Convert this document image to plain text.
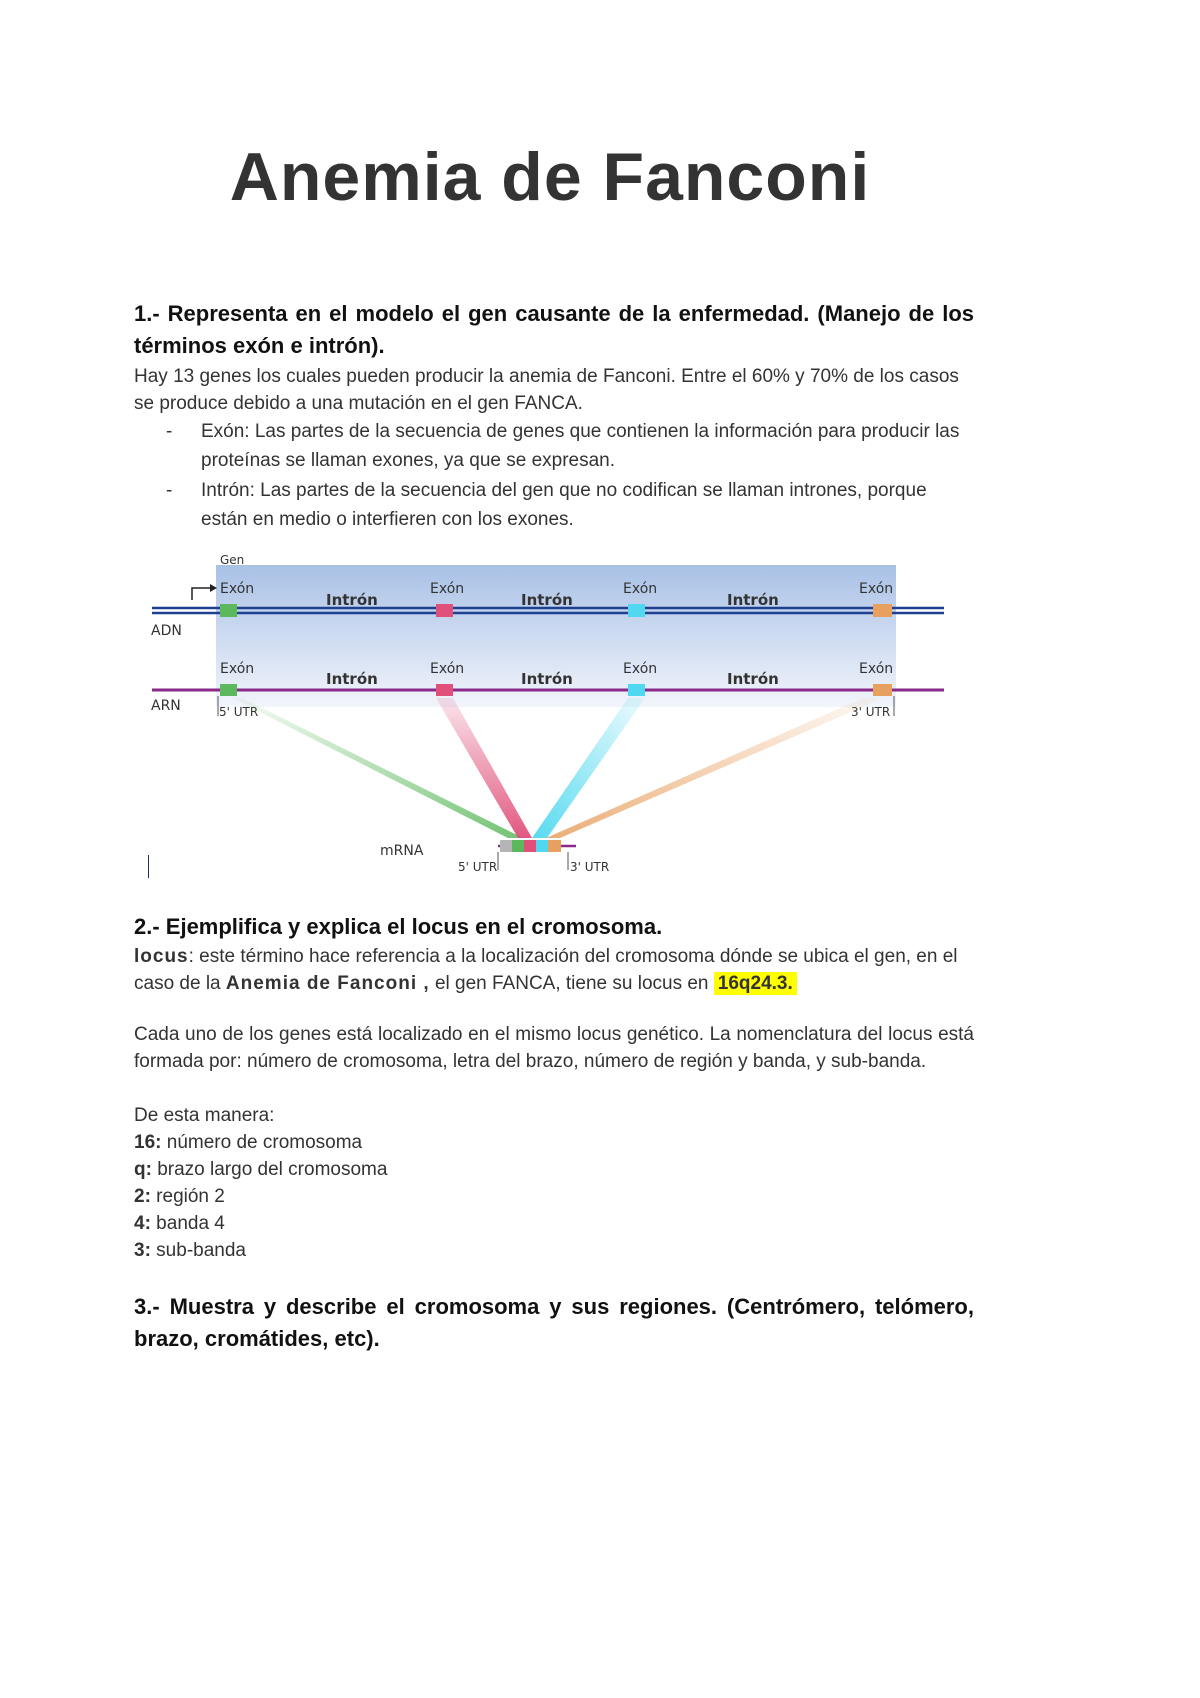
Anemia de Fanconi

1.- Representa en el modelo el gen causante de la enfermedad. (Manejo de los términos exón e intrón).

Hay 13 genes los cuales pueden producir la anemia de Fanconi. Entre el 60% y 70% de los casos se produce debido a una mutación en el gen FANCA.

- Exón: Las partes de la secuencia de genes que contienen la información para producir las proteínas se llaman exones, ya que se expresan.
- Intrón: Las partes de la secuencia del gen que no codifican se llaman intrones, porque están en medio o interfieren con los exones.
Gen
ADN
Exón	Exón	Exón	Exón
Intrón	Intrón	Intrón
ARN
Exón	Exón	Exón	Exón
Intrón	Intrón	Intrón
5' UTR	3' UTR
mRNA
5' UTR	3' UTR

2.- Ejemplifica y explica el locus en el cromosoma.

locus: este término hace referencia a la localización del cromosoma dónde se ubica el gen, en el caso de la Anemia de Fanconi , el gen FANCA, tiene su locus en 16q24.3.

Cada uno de los genes está localizado en el mismo locus genético. La nomenclatura del locus está formada por: número de cromosoma, letra del brazo, número de región y banda, y sub-banda.

De esta manera:

16: número de cromosoma

q: brazo largo del cromosoma

2: región 2

4: banda 4

3: sub-banda

3.- Muestra y describe el cromosoma y sus regiones. (Centrómero, telómero, brazo, cromátides, etc).
